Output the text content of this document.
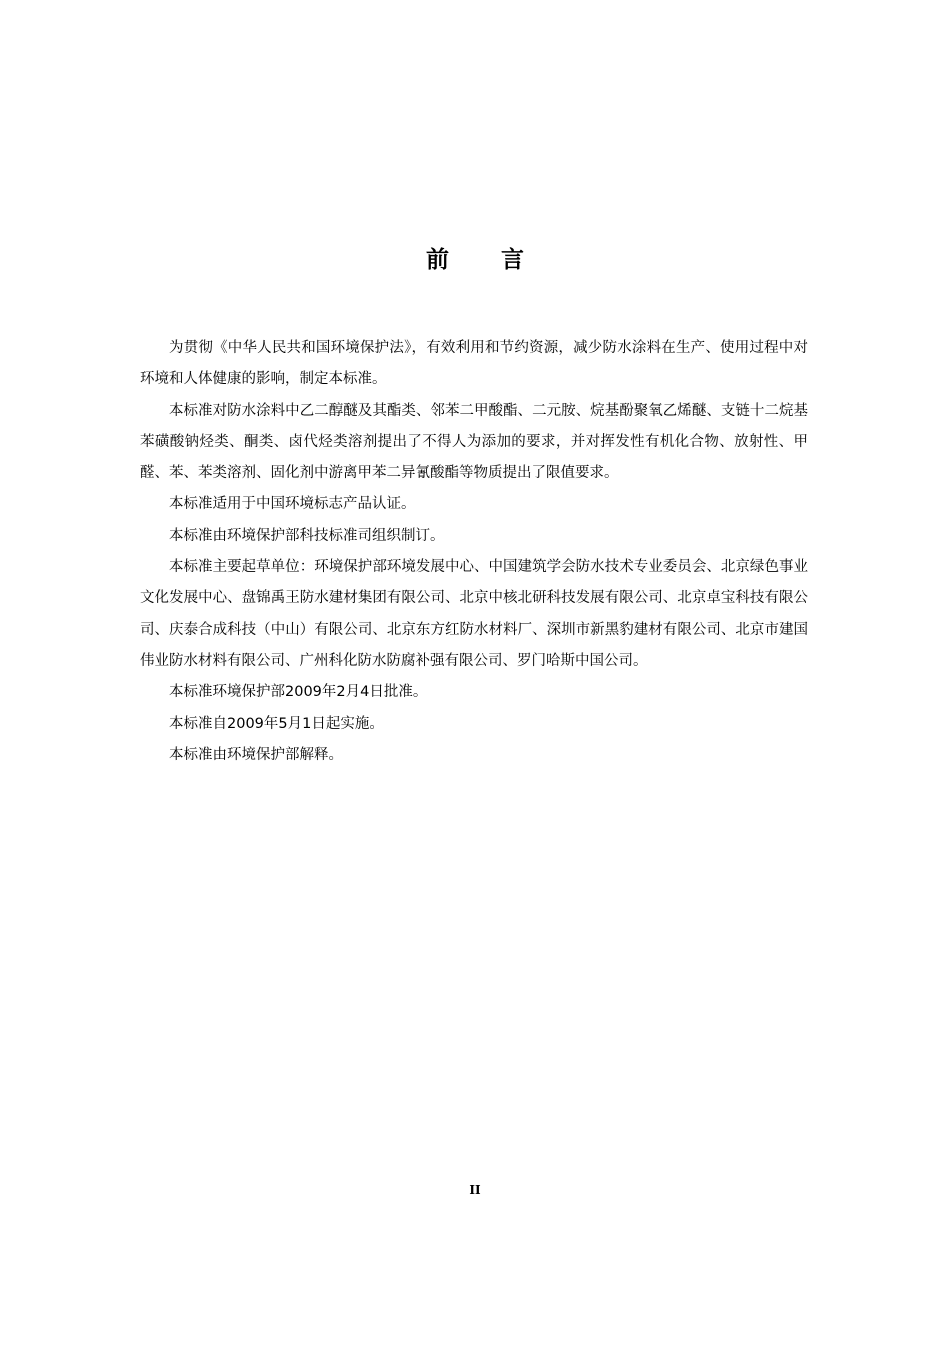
前言

为贯彻《中华人民共和国环境保护法》，有效利用和节约资源，减少防水涂料在生产、使用过程中对环境和人体健康的影响，制定本标准。

本标准对防水涂料中乙二醇醚及其酯类、邻苯二甲酸酯、二元胺、烷基酚聚氧乙烯醚、支链十二烷基苯磺酸钠烃类、酮类、卤代烃类溶剂提出了不得人为添加的要求，并对挥发性有机化合物、放射性、甲醛、苯、苯类溶剂、固化剂中游离甲苯二异氰酸酯等物质提出了限值要求。

本标准适用于中国环境标志产品认证。

本标准由环境保护部科技标准司组织制订。

本标准主要起草单位：环境保护部环境发展中心、中国建筑学会防水技术专业委员会、北京绿色事业文化发展中心、盘锦禹王防水建材集团有限公司、北京中核北研科技发展有限公司、北京卓宝科技有限公司、庆泰合成科技（中山）有限公司、北京东方红防水材料厂、深圳市新黑豹建材有限公司、北京市建国伟业防水材料有限公司、广州科化防水防腐补强有限公司、罗门哈斯中国公司。

本标准环境保护部2009年2月4日批准。

本标准自2009年5月1日起实施。

本标准由环境保护部解释。

II
